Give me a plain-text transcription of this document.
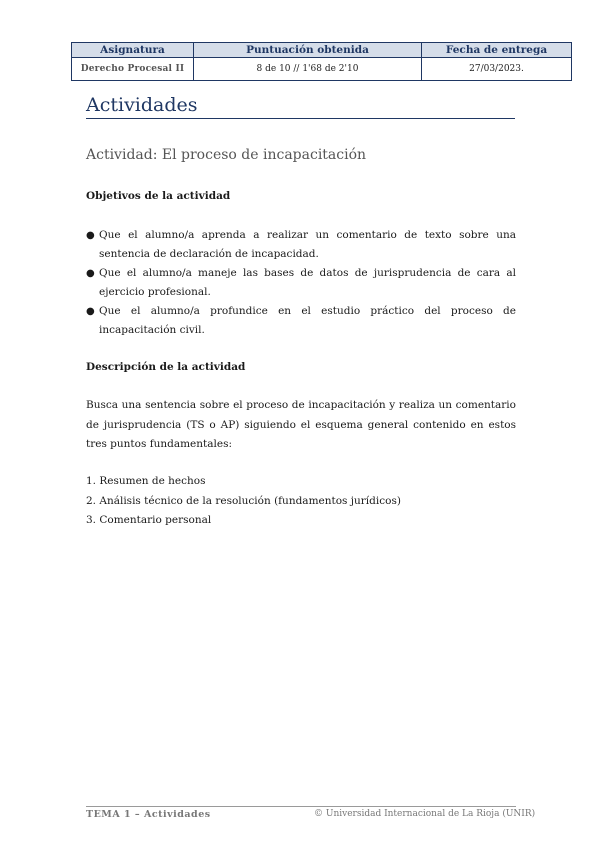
Asignatura	Puntuación obtenida	Fecha de entrega
Derecho Procesal II	8 de 10 // 1'68 de 2'10	27/03/2023.
Actividades
Actividad: El proceso de incapacitación
Objetivos de la actividad
● Que el alumno/a aprenda a realizar un comentario de texto sobre una sentencia de declaración de incapacidad.
● Que el alumno/a maneje las bases de datos de jurisprudencia de cara al ejercicio profesional.
● Que el alumno/a profundice en el estudio práctico del proceso de incapacitación civil.
Descripción de la actividad

Busca una sentencia sobre el proceso de incapacitación y realiza un comentario de jurisprudencia (TS o AP) siguiendo el esquema general contenido en estos tres puntos fundamentales:

1. Resumen de hechos
2. Análisis técnico de la resolución (fundamentos jurídicos)
3. Comentario personal
TEMA 1 – Actividades	© Universidad Internacional de La Rioja (UNIR)
